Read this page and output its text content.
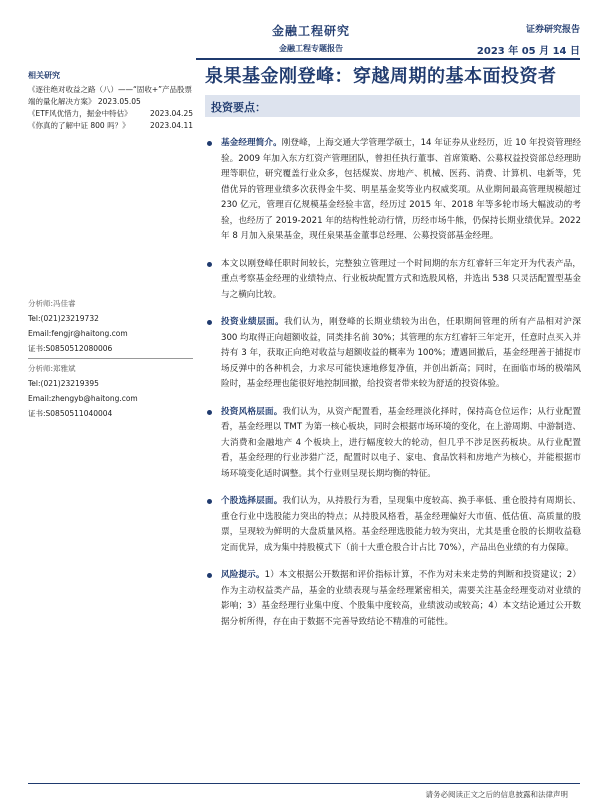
金融工程研究
金融工程专题报告
证券研究报告
2023 年 05 月 14 日
相关研究
《逐往绝对收益之路（八）——“固收+”产品股票端的量化解决方案》 2023.05.05
《ETF风优惜力，掘金中特估》 2023.04.25
《你真的了解中证 800 吗？》	2023.04.11
分析师:冯佳睿
Tel:(021)23219732
Email:fengjr@haitong.com
证书:S0850512080006
分析师:郑雅斌
Tel:(021)23219395
Email:zhengyb@haitong.com
证书:S0850511040004
泉果基金刚登峰：穿越周期的基本面投资者
投资要点：
基金经理简介。刚登峰，上海交通大学管理学硕士，14 年证券从业经历，近 10 年投资管理经验。2009 年加入东方红资产管理团队，曾担任执行董事、首席策略、公募权益投资部总经理助理等职位，研究覆盖行业众多，包括煤炭、房地产、机械、医药、消费、计算机、电新等，凭借优异的管理业绩多次获得金牛奖、明星基金奖等业内权威奖项。从业期间最高管理规模超过 230 亿元，管理百亿规模基金经验丰富，经历过 2015 年、2018 年等多轮市场大幅波动的考验，也经历了 2019-2021 年的结构性轮动行情，历经市场牛熊，仍保持长期业绩优异。2022 年 8 月加入泉果基金，现任泉果基金董事总经理、公募投资部基金经理。
本文以刚登峰任职时间较长，完整独立管理过一个时间期的东方红睿轩三年定开为代表产品，重点考察基金经理的业绩特点、行业板块配置方式和选股风格，并选出 538 只灵活配置型基金与之横向比较。
投资业绩层面。我们认为，刚登峰的长期业绩较为出色，任职期间管理的所有产品相对沪深 300 均取得正向超额收益，同类排名前 30%；其管理的东方红睿轩三年定开，任意时点买入并持有 3 年，获取正向绝对收益与超额收益的概率为 100%；遭遇回撤后，基金经理善于捕捉市场反弹中的各种机会，力求尽可能快速地修复净值，并创出新高；同时，在面临市场的极端风险时，基金经理也能很好地控制回撤，给投资者带来较为舒适的投资体验。
投资风格层面。我们认为，从资产配置看，基金经理淡化择时，保持高仓位运作；从行业配置看，基金经理以 TMT 为第一核心板块，同时会根据市场环境的变化，在上游周期、中游制造、大消费和金融地产 4 个板块上，进行幅度较大的轮动，但几乎不涉足医药板块。从行业配置看，基金经理的行业涉猎广泛，配置时以电子、家电、食品饮料和房地产为核心，并能根据市场环境变化适时调整。其个行业则呈现长期均衡的特征。
个股选择层面。我们认为，从持股行为看，呈现集中度较高、换手率低、重仓股持有周期长、重仓行业中选股能力突出的特点；从持股风格看，基金经理偏好大市值、低估值、高质量的股票，呈现较为鲜明的大盘质量风格。基金经理选股能力较为突出，尤其是重仓股的长期收益稳定而优异，成为集中持股模式下（前十大重仓股合计占比 70%），产品出色业绩的有力保障。
风险提示。1）本文根据公开数据和评价指标计算，不作为对未来走势的判断和投资建议；2）作为主动权益类产品，基金的业绩表现与基金经理紧密相关，需要关注基金经理变动对业绩的影响；3）基金经理行业集中度、个股集中度较高，业绩波动或较高；4）本文结论通过公开数据分析所得，存在由于数据不完善导致结论不精准的可能性。
请务必阅读正文之后的信息披露和法律声明
